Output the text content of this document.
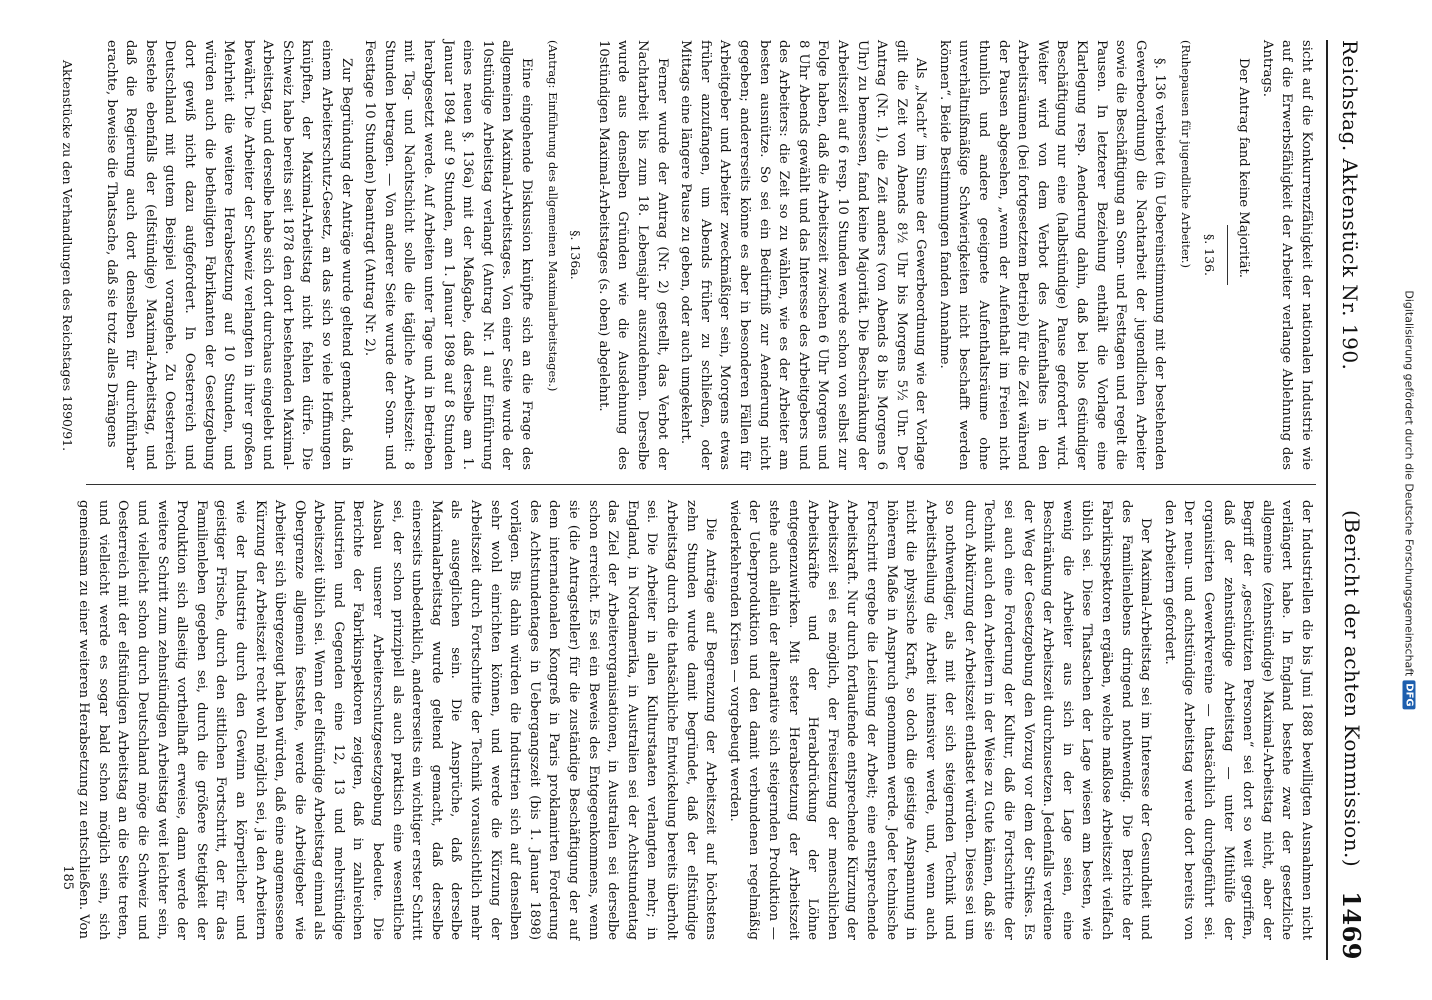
Reichstag. Aktenstück Nr. 190.
(Bericht der achten Kommission.)
1469

sicht auf die Konkurrenzfähigkeit der nationalen Industrie wie auf die Erwerbsfähigkeit der Arbeiter verlange Ablehnung des Antrags.

Der Antrag fand keine Majorität.

§. 136.

(Ruhepausen für jugendliche Arbeiter.)

§. 136 verbietet (in Uebereinstimmung mit der bestehenden Gewerbeordnung) die Nachtarbeit der jugendlichen Arbeiter sowie die Beschäftigung an Sonn- und Festtagen und regelt die Pausen. In letzterer Beziehung enthält die Vorlage eine Klarlegung resp. Aenderung dahin, daß bei blos 6stündiger Beschäftigung nur eine (halbstündige) Pause gefordert wird. Weiter wird von dem Verbot des Aufenthaltes in den Arbeitsräumen (bei fortgesetztem Betrieb) für die Zeit während der Pausen abgesehen, „wenn der Aufenthalt im Freien nicht thunlich und andere geeignete Aufenthaltsräume ohne unverhältnißmäßige Schwierigkeiten nicht beschafft werden können“. Beide Bestimmungen fanden Annahme.

Als „Nacht“ im Sinne der Gewerbeordnung wie der Vorlage gilt die Zeit von Abends 8½ Uhr bis Morgens 5½ Uhr. Der Antrag (Nr. 1), die Zeit anders (von Abends 8 bis Morgens 6 Uhr) zu bemessen, fand keine Majorität. Die Beschränkung der Arbeitszeit auf 6 resp. 10 Stunden werde schon von selbst zur Folge haben, daß die Arbeitszeit zwischen 6 Uhr Morgens und 8 Uhr Abends gewählt und das Interesse des Arbeitgebers und des Arbeiters: die Zeit so zu wählen, wie es der Arbeiter am besten ausnütze. So sei ein Bedürfniß zur Aenderung nicht gegeben; andererseits könne es aber in besonderen Fällen für Arbeitgeber und Arbeiter zweckmäßiger sein, Morgens etwas früher anzufangen, um Abends früher zu schließen, oder Mittags eine längere Pause zu geben, oder auch umgekehrt.

Ferner wurde der Antrag (Nr. 2) gestellt, das Verbot der Nachtarbeit bis zum 18. Lebensjahr auszudehnen. Derselbe wurde aus denselben Gründen wie die Ausdehnung des 10stündigen Maximal-Arbeitstages (s. oben) abgelehnt.

§. 136a.

(Antrag: Einführung des allgemeinen Maximalarbeitstages.)

Eine eingehende Diskussion knüpfte sich an die Frage des allgemeinen Maximal-Arbeitstages. Von einer Seite wurde der 10stündige Arbeitstag verlangt (Antrag Nr. 1 auf Einführung eines neuen §. 136a) mit der Maßgabe, daß derselbe am 1. Januar 1894 auf 9 Stunden, am 1. Januar 1898 auf 8 Stunden herabgesetzt werde. Auf Arbeiten unter Tage und in Betrieben mit Tag- und Nachtschicht solle die tägliche Arbeitszeit: 8 Stunden betragen. — Von anderer Seite wurde der Sonn- und Festtage 10 Stunden) beantragt (Antrag Nr. 2).

Zur Begründung der Anträge wurde geltend gemacht, daß in einem Arbeiterschutz-Gesetz, an das sich so viele Hoffnungen knüpften, der Maximal-Arbeitstag nicht fehlen dürfe. Die Schweiz habe bereits seit 1878 den dort bestehenden Maximal-Arbeitstag, und derselbe habe sich dort durchaus eingelebt und bewährt. Die Arbeiter der Schweiz verlangten in ihrer großen Mehrheit die weitere Herabsetzung auf 10 Stunden, und würden auch die betheiligten Fabrikanten der Gesetzgebung dort gewiß nicht dazu aufgefordert. In Oesterreich und Deutschland mit gutem Beispiel vorangehe. Zu Oesterreich bestehe ebenfalls der (elfstündige) Maximal-Arbeitstag, und daß die Regierung auch dort denselben für durchführbar erachte, beweise die Thatsache, daß sie trotz alles Drängens

der Industriellen die bis Juni 1888 bewilligten Ausnahmen nicht verlängert habe. In England bestehe zwar der gesetzliche allgemeine (zehnstündige) Maximal-Arbeitstag nicht, aber der Begriff der „geschützten Personen“ sei dort so weit gegriffen, daß der zehnstündige Arbeitstag — unter Mithülfe der organisirten Gewerkvereine — thatsächlich durchgeführt sei. Der neun- und achtstündige Arbeitstag werde dort bereits von den Arbeitern gefordert.

Der Maximal-Arbeitstag sei im Interesse der Gesundheit und des Familienlebens dringend nothwendig. Die Berichte der Fabrikinspektoren ergäben, welche maßlose Arbeitszeit vielfach üblich sei. Diese Thatsachen der Lage wiesen am besten, wie wenig die Arbeiter aus sich in der Lage seien, eine Beschränkung der Arbeitszeit durchzusetzen. Jedenfalls verdiene der Weg der Gesetzgebung den Vorzug vor dem der Strikes. Es sei auch eine Forderung der Kultur, daß die Fortschritte der Technik auch den Arbeitern in der Weise zu Gute kämen, daß sie durch Abkürzung der Arbeitszeit entlastet würden. Dieses sei um so nothwendiger, als mit der sich steigernden Technik und Arbeitstheilung die Arbeit intensiver werde, und, wenn auch nicht die physische Kraft, so doch die geistige Anspannung in höherem Maße in Anspruch genommen werde. Jeder technische Fortschritt ergebe die Leistung der Arbeit; eine entsprechende Arbeitskraft. Nur durch fortlaufende entsprechende Kürzung der Arbeitszeit sei es möglich, der Freisetzung der menschlichen Arbeitskräfte und der Herabdrückung der Löhne entgegenzuwirken. Mit steter Herabsetzung der Arbeitszeit stehe auch allein der alternative sich steigernden Produktion — der Ueberproduktion und den damit verbundenen regelmäßig wiederkehrenden Krisen — vorgebeugt werden.

Die Anträge auf Begrenzung der Arbeitszeit auf höchstens zehn Stunden wurde damit begründet, daß der elfstündige Arbeitstag durch die thatsächliche Entwickelung bereits überholt sei. Die Arbeiter in allen Kulturstaaten verlangten mehr; in England, in Nordamerika, in Australien sei der Achtstundentag das Ziel der Arbeiterorganisationen, in Australien sei derselbe schon erreicht. Es sei ein Beweis des Entgegenkommens, wenn sie (die Antragsteller) für die zuständige Beschäftigung der auf dem internationalen Kongreß in Paris proklamirten Forderung des Achtstundentages in Uebergangszeit (bis 1. Januar 1898) vorlägen. Bis dahin würden die Industrien sich auf denselben sehr wohl einrichten können, und werde die Kürzung der Arbeitszeit durch Fortschritte der Technik voraussichtlich mehr als ausgeglichen sein. Die Ansprüche, daß derselbe Maximalarbeitstag wurde geltend gemacht, daß derselbe einerseits unbedenklich, andererseits ein wichtiger erster Schritt sei, der schon prinzipiell als auch praktisch eine wesentliche Ausbau unserer Arbeiterschutzgesetzgebung bedeute. Die Berichte der Fabrikinspektoren zeigten, daß in zahlreichen Industrien und Gegenden eine 12, 13 und mehrstündige Arbeitszeit üblich sei. Wenn der elfstündige Arbeitstag einmal als Obergrenze allgemein feststehe, werde die Arbeitgeber wie Arbeiter sich übergezeugt haben würden, daß eine angemessene Kürzung der Arbeitszeit recht wohl möglich sei, ja den Arbeitern wie der Industrie durch den Gewinn an körperlicher und geistiger Frische, durch den sittlichen Fortschritt, der für das Familienleben gegeben sei, durch die größere Stetigkeit der Produktion sich allseitig vortheilhaft erweise, dann werde der weitere Schritt zum zehnstündigen Arbeitstag weit leichter sein, und vielleicht schon durch Deutschland möge die Schweiz und Oesterreich mit der elfstündigen Arbeitstag an die Seite treten, und vielleicht werde es sogar bald schon möglich sein, sich gemeinsam zu einer weiteren Herabsetzung zu entschließen. Von

Aktenstücke zu den Verhandlungen des Reichstages 1890/91.
185
Digitalisierung gefördert durch die Deutsche Forschungsgemeinschaft
DFG
